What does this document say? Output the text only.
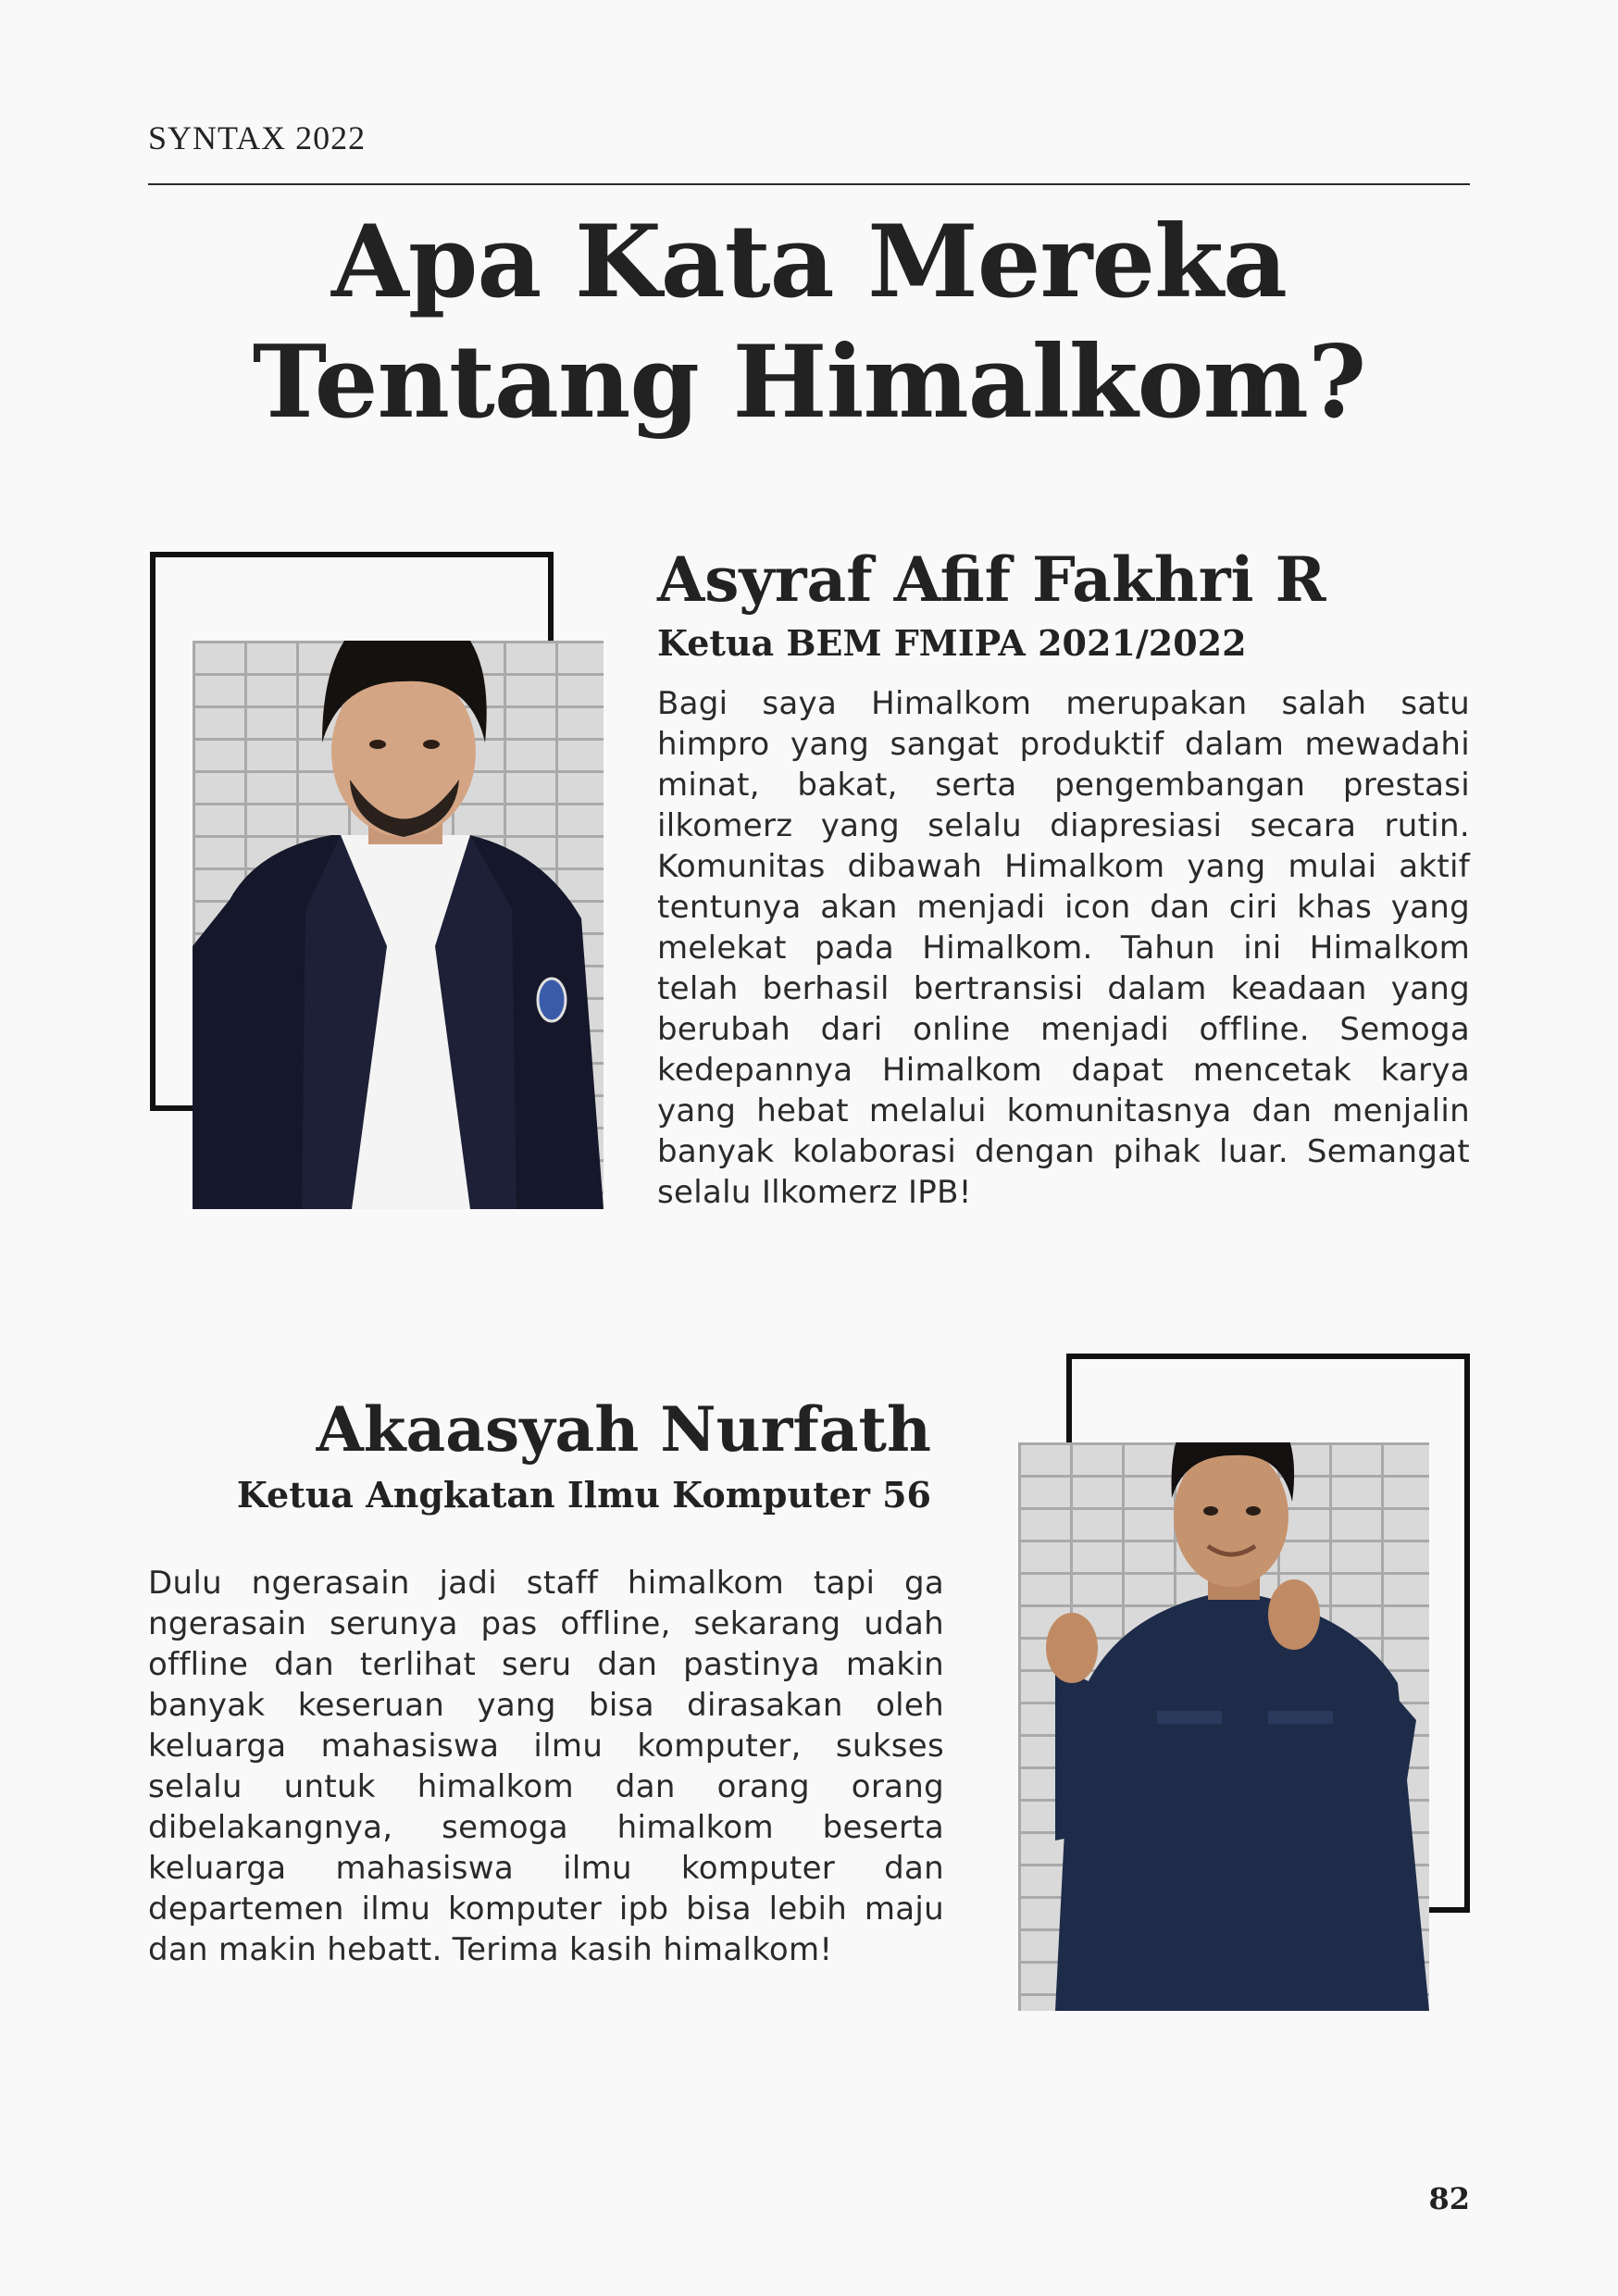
SYNTAX 2022
Apa Kata Mereka Tentang Himalkom?
Asyraf Afif Fakhri R
Ketua BEM FMIPA 2021/2022

Bagi saya Himalkom merupakan salah satu himpro yang sangat produktif dalam mewadahi minat, bakat, serta pengembangan prestasi ilkomerz yang selalu diapresiasi secara rutin. Komunitas dibawah Himalkom yang mulai aktif tentunya akan menjadi icon dan ciri khas yang melekat pada Himalkom. Tahun ini Himalkom telah berhasil bertransisi dalam keadaan yang berubah dari online menjadi offline. Semoga kedepannya Himalkom dapat mencetak karya yang hebat melalui komunitasnya dan menjalin banyak kolaborasi dengan pihak luar. Semangat selalu Ilkomerz IPB!

Akaasyah Nurfath
Ketua Angkatan Ilmu Komputer 56

Dulu ngerasain jadi staff himalkom tapi ga ngerasain serunya pas offline, sekarang udah offline dan terlihat seru dan pastinya makin banyak keseruan yang bisa dirasakan oleh keluarga mahasiswa ilmu komputer, sukses selalu untuk himalkom dan orang orang dibelakangnya, semoga himalkom beserta keluarga mahasiswa ilmu komputer dan departemen ilmu komputer ipb bisa lebih maju dan makin hebatt. Terima kasih himalkom!

82
